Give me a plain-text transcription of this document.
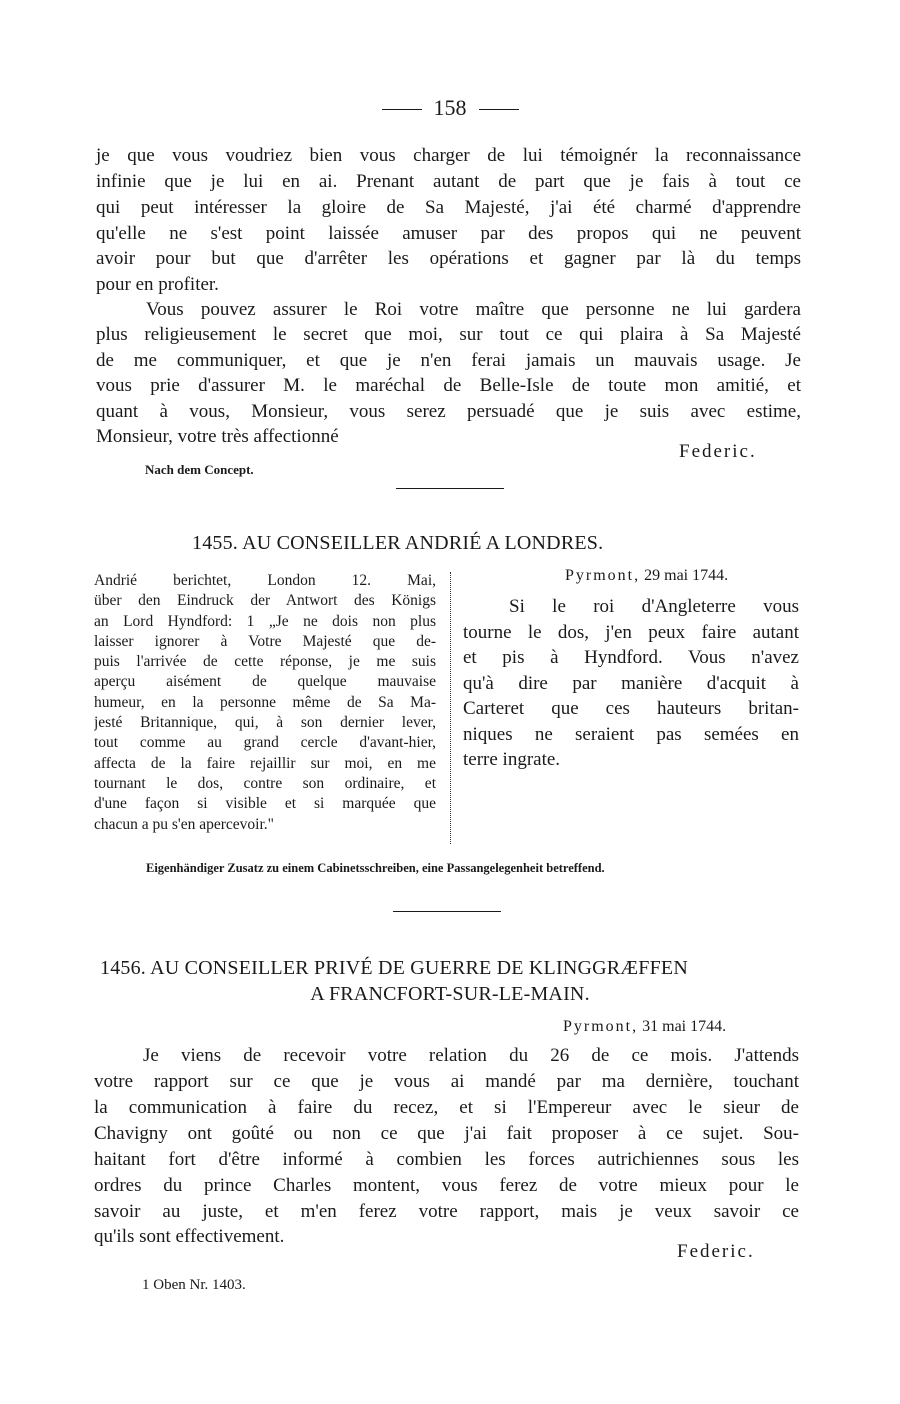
158
je que vous voudriez bien vous charger de lui témoignér la reconnaissance
infinie que je lui en ai. Prenant autant de part que je fais à tout ce
qui peut intéresser la gloire de Sa Majesté, j'ai été charmé d'apprendre
qu'elle ne s'est point laissée amuser par des propos qui ne peuvent
avoir pour but que d'arrêter les opérations et gagner par là du temps
pour en profiter.
Vous pouvez assurer le Roi votre maître que personne ne lui gardera
plus religieusement le secret que moi, sur tout ce qui plaira à Sa Majesté
de me communiquer, et que je n'en ferai jamais un mauvais usage. Je
vous prie d'assurer M. le maréchal de Belle-Isle de toute mon amitié, et
quant à vous, Monsieur, vous serez persuadé que je suis avec estime,
Monsieur, votre très affectionné
Federic.
Nach dem Concept.
1455. AU CONSEILLER ANDRIÉ A LONDRES.
Andrié berichtet, London 12. Mai,
über den Eindruck der Antwort des Königs
an Lord Hyndford: 1 „Je ne dois non plus
laisser ignorer à Votre Majesté que de-
puis l'arrivée de cette réponse, je me suis
aperçu aisément de quelque mauvaise
humeur, en la personne même de Sa Ma-
jesté Britannique, qui, à son dernier lever,
tout comme au grand cercle d'avant-hier,
affecta de la faire rejaillir sur moi, en me
tournant le dos, contre son ordinaire, et
d'une façon si visible et si marquée que
chacun a pu s'en apercevoir."
Pyrmont, 29 mai 1744.
Si le roi d'Angleterre vous
tourne le dos, j'en peux faire autant
et pis à Hyndford. Vous n'avez
qu'à dire par manière d'acquit à
Carteret que ces hauteurs britan-
niques ne seraient pas semées en
terre ingrate.
Eigenhändiger Zusatz zu einem Cabinetsschreiben, eine Passangelegenheit betreffend.
1456. AU CONSEILLER PRIVÉ DE GUERRE DE KLINGGRÆFFEN
A FRANCFORT-SUR-LE-MAIN.
Pyrmont, 31 mai 1744.
Je viens de recevoir votre relation du 26 de ce mois. J'attends
votre rapport sur ce que je vous ai mandé par ma dernière, touchant
la communication à faire du recez, et si l'Empereur avec le sieur de
Chavigny ont goûté ou non ce que j'ai fait proposer à ce sujet. Sou-
haitant fort d'être informé à combien les forces autrichiennes sous les
ordres du prince Charles montent, vous ferez de votre mieux pour le
savoir au juste, et m'en ferez votre rapport, mais je veux savoir ce
qu'ils sont effectivement.
Federic.
1 Oben Nr. 1403.
